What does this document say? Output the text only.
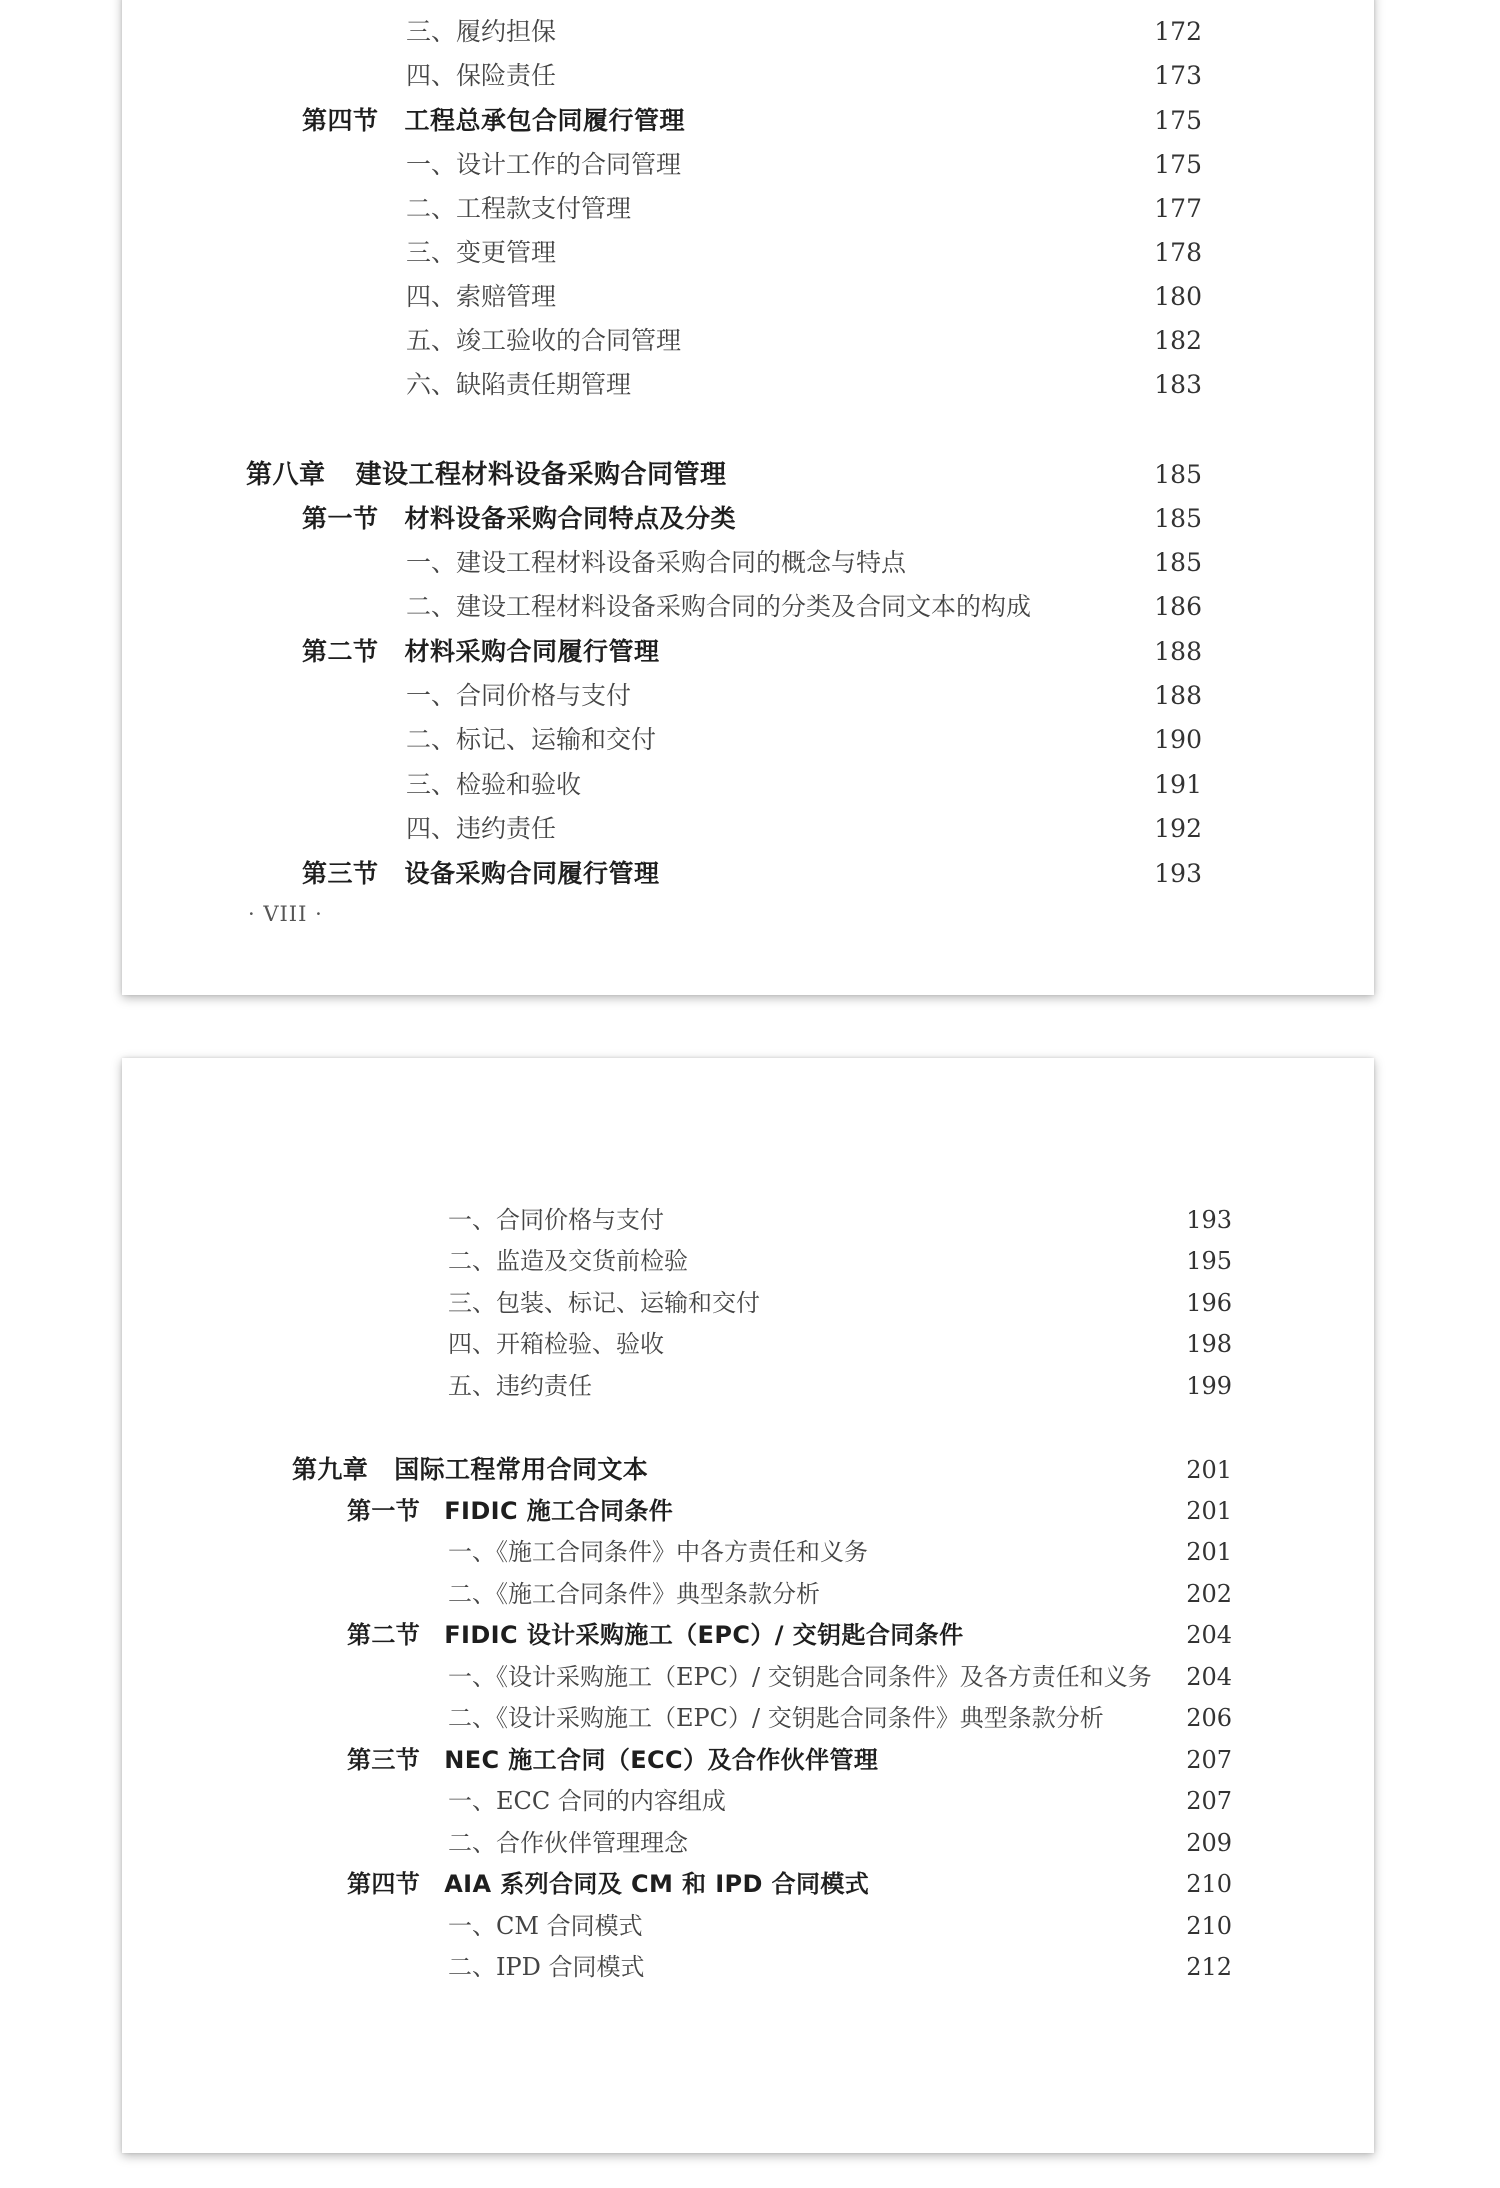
三、履约担保	172
四、保险责任	173
第四节 工程总承包合同履行管理	175
一、设计工作的合同管理	175
二、工程款支付管理	177
三、变更管理	178
四、索赔管理	180
五、竣工验收的合同管理	182
六、缺陷责任期管理	183
第八章 建设工程材料设备采购合同管理	185
第一节 材料设备采购合同特点及分类	185
一、建设工程材料设备采购合同的概念与特点	185
二、建设工程材料设备采购合同的分类及合同文本的构成	186
第二节 材料采购合同履行管理	188
一、合同价格与支付	188
二、标记、运输和交付	190
三、检验和验收	191
四、违约责任	192
第三节 设备采购合同履行管理	193
· VIII ·
一、合同价格与支付	193
二、监造及交货前检验	195
三、包装、标记、运输和交付	196
四、开箱检验、验收	198
五、违约责任	199
第九章 国际工程常用合同文本	201
第一节 FIDIC 施工合同条件	201
一、《施工合同条件》中各方责任和义务	201
二、《施工合同条件》典型条款分析	202
第二节 FIDIC 设计采购施工（EPC）/ 交钥匙合同条件	204
一、《设计采购施工（EPC）/ 交钥匙合同条件》及各方责任和义务	204
二、《设计采购施工（EPC）/ 交钥匙合同条件》典型条款分析	206
第三节 NEC 施工合同（ECC）及合作伙伴管理	207
一、ECC 合同的内容组成	207
二、合作伙伴管理理念	209
第四节 AIA 系列合同及 CM 和 IPD 合同模式	210
一、CM 合同模式	210
二、IPD 合同模式	212
